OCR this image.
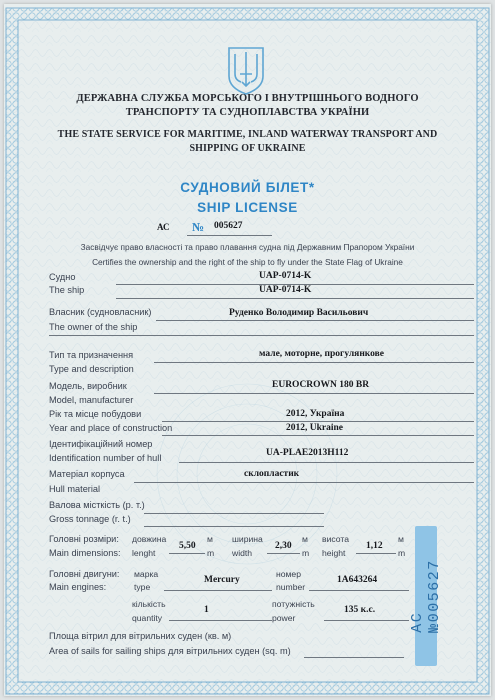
ДЕРЖАВНА СЛУЖБА МОРСЬКОГО І ВНУТРІШНЬОГО ВОДНОГО
ТРАНСПОРТУ ТА СУДНОПЛАВСТВА УКРАЇНИ
THE STATE SERVICE FOR MARITIME, INLAND WATERWAY TRANSPORT AND
SHIPPING OF UKRAINE
СУДНОВИЙ БІЛЕТ*
SHIP LICENSE
АС № 005627
Засвідчує право власності та право плавання судна під Державним Прапором України
Certifies the ownership and the right of the ship to fly under the State Flag of Ukraine
Судно
The ship
UAP-0714-K
UAP-0714-K
Власник (судновласник)
The owner of the ship
Руденко Володимир Васильович
Тип та призначення
Type and description
мале, моторне, прогулянкове
Модель, виробник
Model, manufacturer
EUROCROWN 180 BR
Рік та місце побудови
Year and place of construction
2012, Україна
2012, Ukraine
Ідентифікаційний номер
Identification number of hull	UA-PLAE2013H112
Матеріал корпуса
Hull material
склопластик
Валова місткість (р. т.)
Gross tonnage (r. t.)
Головні розміри:
Main dimensions:
довжина
lenght
5,50
м
m
ширина
width
2,30
м
m
висота
height
1,12
м
m
Головні двигуни:
Main engines:
марка
type
Mercury
номер
number
1A643264
кількість
quantity
1
потужність
power
135 к.с.
Площа вітрил для вітрильних суден (кв. м)
Area of sails for sailing ships для вітрильних суден (sq. m)
АС №005627
